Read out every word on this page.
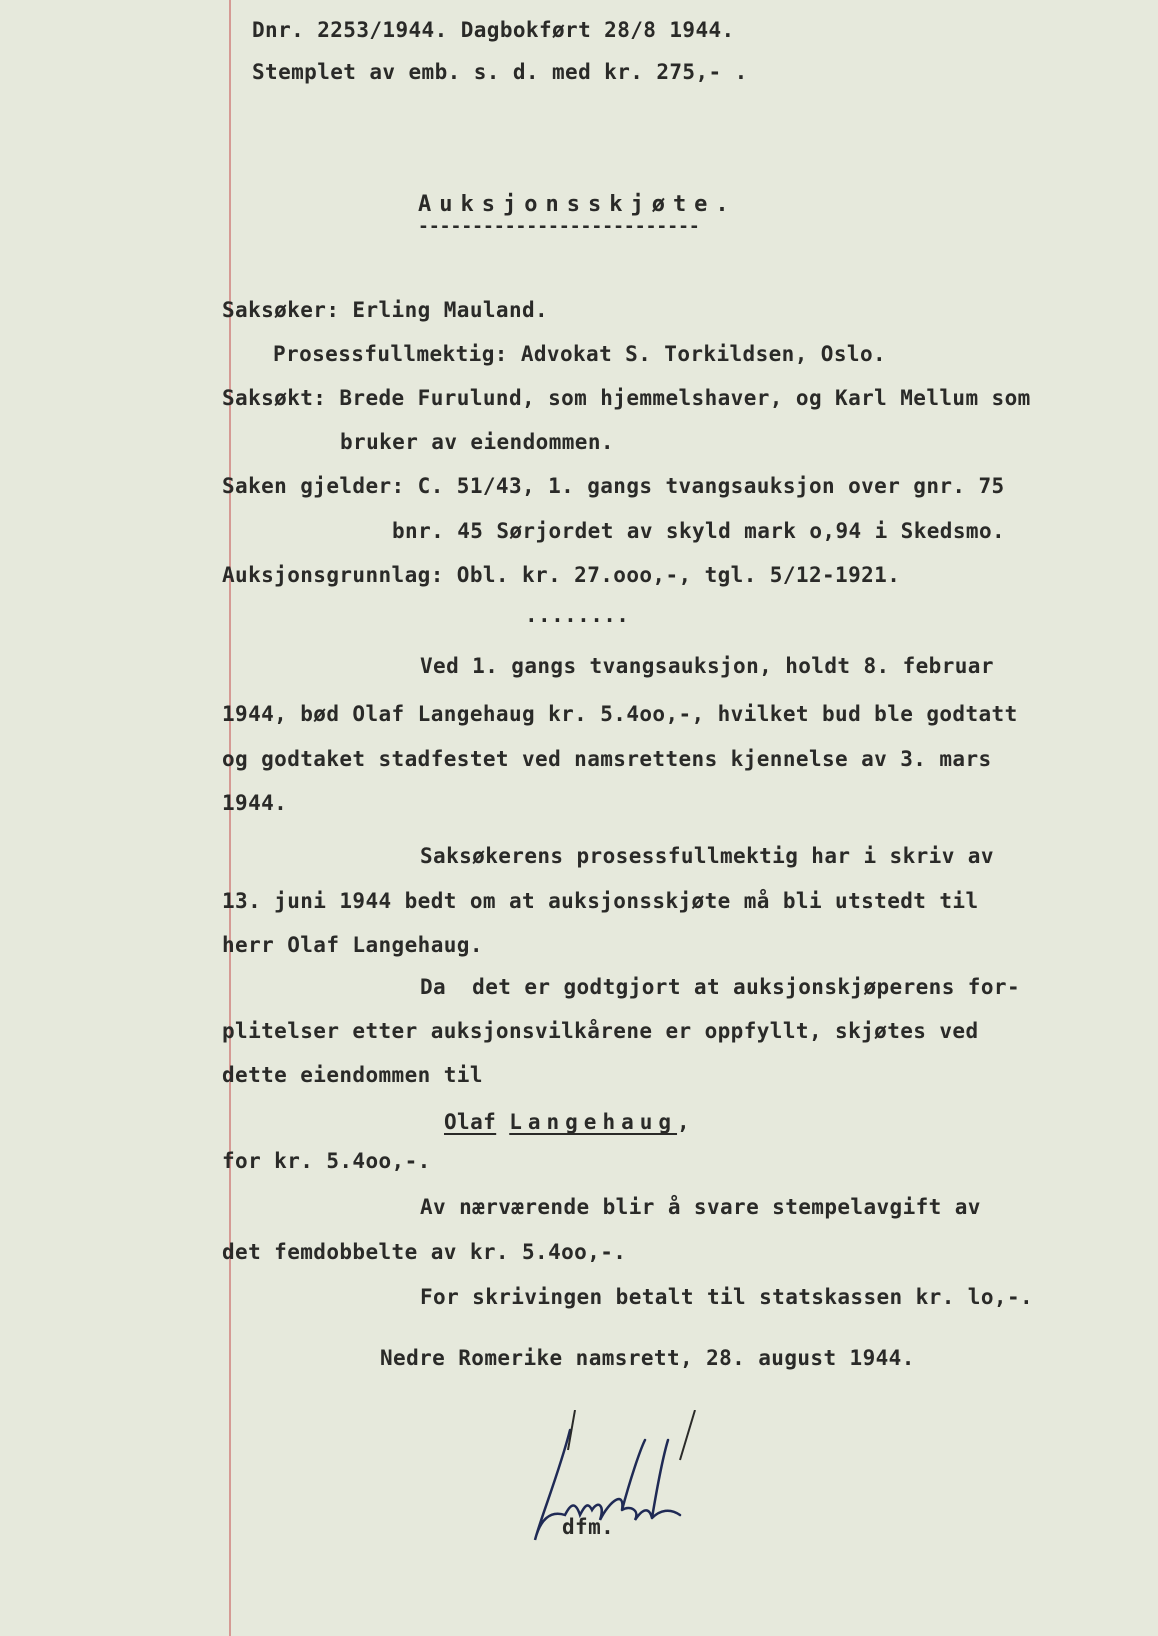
Dnr. 2253/1944. Dagbokført 28/8 1944.
Stemplet av emb. s. d. med kr. 275,- .
Auksjonsskjøte.
--------------------------
Saksøker: Erling Mauland.
Prosessfullmektig: Advokat S. Torkildsen, Oslo.
Saksøkt: Brede Furulund, som hjemmelshaver, og Karl Mellum som
bruker av eiendommen.
Saken gjelder: C. 51/43, 1. gangs tvangsauksjon over gnr. 75
bnr. 45 Sørjordet av skyld mark o,94 i Skedsmo.
Auksjonsgrunnlag: Obl. kr. 27.ooo,-, tgl. 5/12-1921.
........
Ved 1. gangs tvangsauksjon, holdt 8. februar
1944, bød Olaf Langehaug kr. 5.4oo,-, hvilket bud ble godtatt
og godtaket stadfestet ved namsrettens kjennelse av 3. mars
1944.
Saksøkerens prosessfullmektig har i skriv av
13. juni 1944 bedt om at auksjonsskjøte må bli utstedt til
herr Olaf Langehaug.
Da  det er godtgjort at auksjonskjøperens for-
plitelser etter auksjonsvilkårene er oppfyllt, skjøtes ved
dette eiendommen til
Olaf Langehaug,
for kr. 5.4oo,-.
Av nærværende blir å svare stempelavgift av
det femdobbelte av kr. 5.4oo,-.
For skrivingen betalt til statskassen kr. lo,-.
Nedre Romerike namsrett, 28. august 1944.
dfm.
